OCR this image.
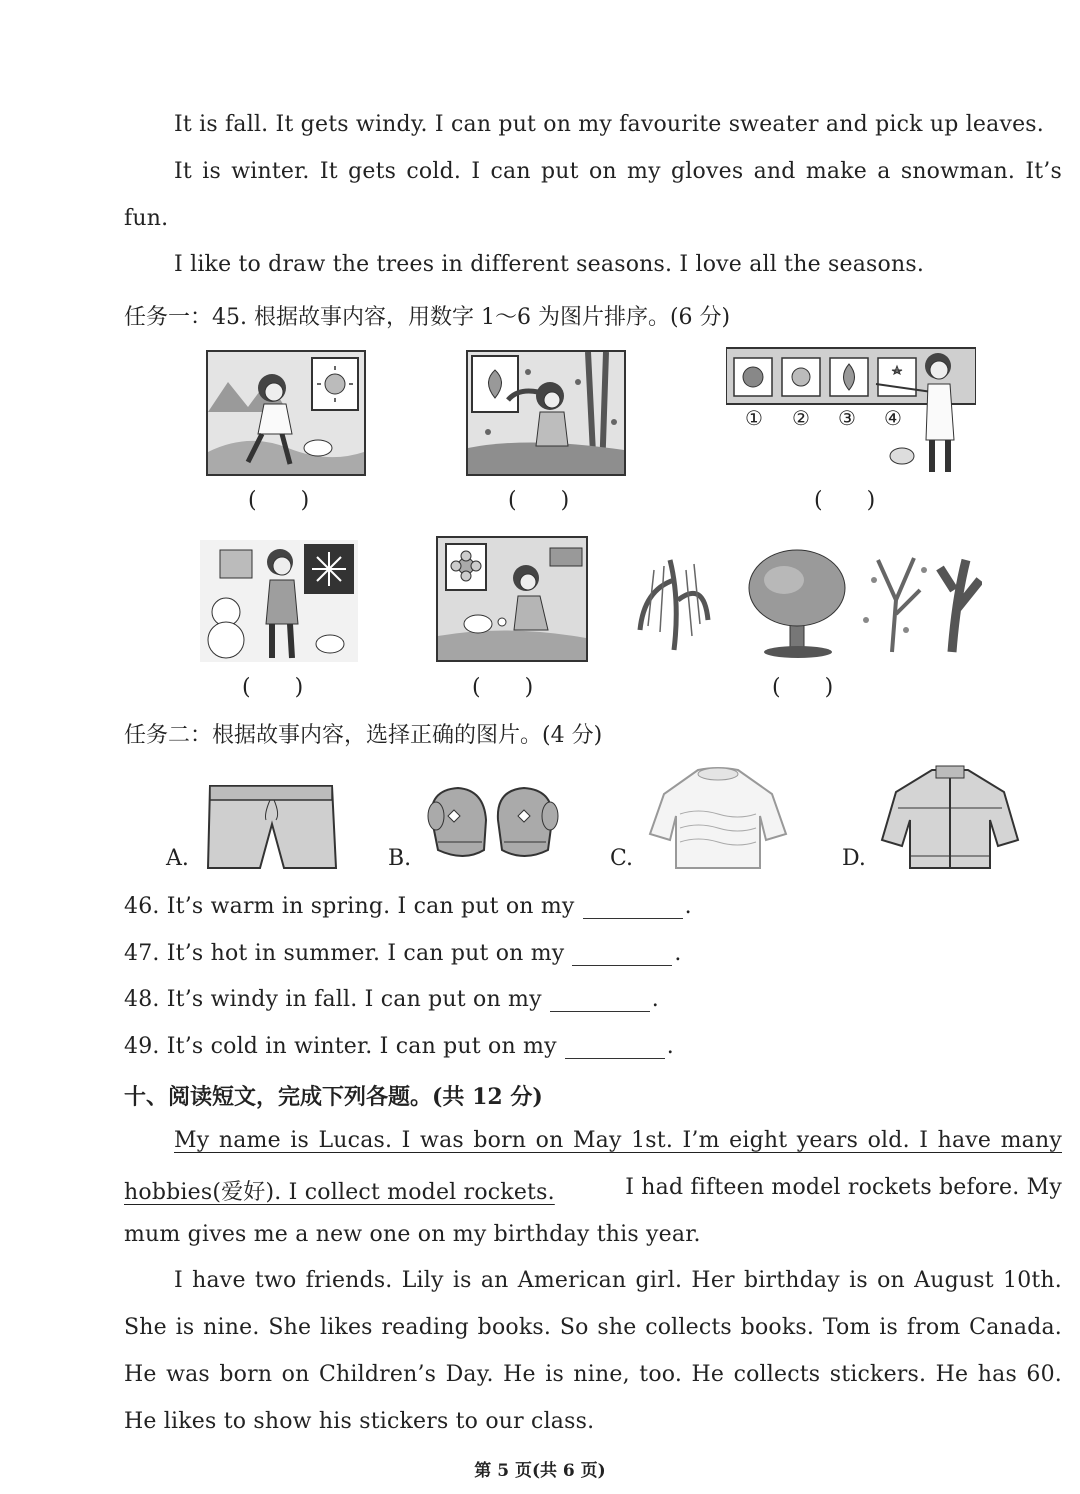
It is fall. It gets windy. I can put on my favourite sweater and pick up leaves.
It is winter. It gets cold. I can put on my gloves and make a snowman. It’s
fun.
I like to draw the trees in different seasons. I love all the seasons.
任务一：45. 根据故事内容，用数字 1～6 为图片排序。(6 分)
(　　)	(　　)
① ② ③ ④
(　　)
(　　)	(　　)	(　　)
任务二：根据故事内容，选择正确的图片。(4 分)
A.	B.	C.	D.
46. It’s warm in spring. I can put on my	.
47. It’s hot in summer. I can put on my	.
48. It’s windy in fall. I can put on my	.
49. It’s cold in winter. I can put on my	.
十、阅读短文，完成下列各题。(共 12 分)
My name is Lucas. I was born on May 1st. I’m eight years old. I have many
hobbies(爱好). I collect model rockets.	I had fifteen model rockets before. My
mum gives me a new one on my birthday this year.
I have two friends. Lily is an American girl. Her birthday is on August 10th.
She is nine. She likes reading books. So she collects books. Tom is from Canada.
He was born on Children’s Day. He is nine, too. He collects stickers. He has 60.
He likes to show his stickers to our class.
第 5 页(共 6 页)
